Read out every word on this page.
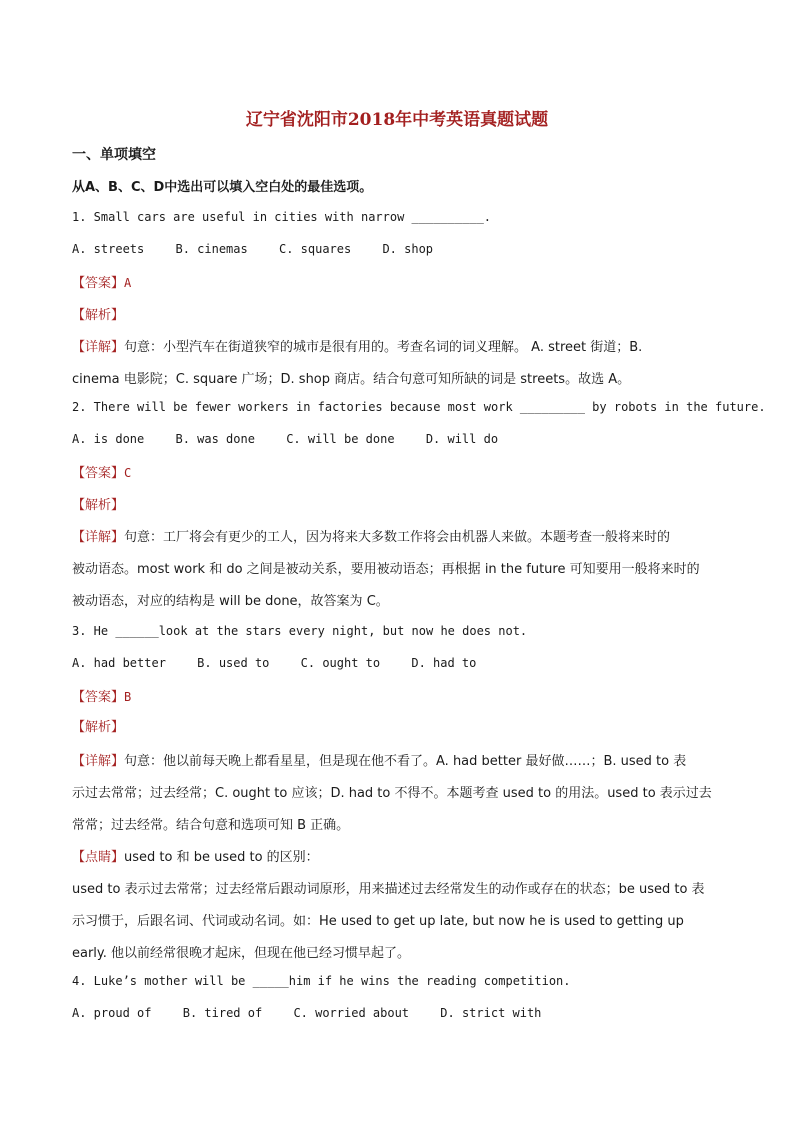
辽宁省沈阳市2018年中考英语真题试题
一、单项填空
从A、B、C、D中选出可以填入空白处的最佳选项。
1. Small cars are useful in cities with narrow __________.
A. streets	B. cinemas	C. squares	D. shop
【答案】A
【解析】
【详解】句意：小型汽车在街道狭窄的城市是很有用的。考查名词的词义理解。 A. street 街道；B.
cinema 电影院；C. square 广场；D. shop 商店。结合句意可知所缺的词是 streets。故选 A。
2. There will be fewer workers in factories because most work _________ by robots in the future.
A. is done	B. was done	C. will be done	D. will do
【答案】C
【解析】
【详解】句意：工厂将会有更少的工人，因为将来大多数工作将会由机器人来做。本题考查一般将来时的
被动语态。most work 和 do 之间是被动关系，要用被动语态；再根据 in the future 可知要用一般将来时的
被动语态，对应的结构是 will be done，故答案为 C。
3. He ______look at the stars every night, but now he does not.
A. had better	B. used to	C. ought to	D. had to
【答案】B
【解析】
【详解】句意：他以前每天晚上都看星星，但是现在他不看了。A. had better 最好做……；B. used to 表
示过去常常；过去经常；C. ought to 应该；D. had to 不得不。本题考查 used to 的用法。used to 表示过去
常常；过去经常。结合句意和选项可知 B 正确。
【点睛】used to 和 be used to 的区别：
used to 表示过去常常；过去经常后跟动词原形，用来描述过去经常发生的动作或存在的状态；be used to 表
示习惯于，后跟名词、代词或动名词。如：He used to get up late, but now he is used to getting up
early. 他以前经常很晚才起床，但现在他已经习惯早起了。
4. Luke’s mother will be _____him if he wins the reading competition.
A. proud of	B. tired of	C. worried about	D. strict with
